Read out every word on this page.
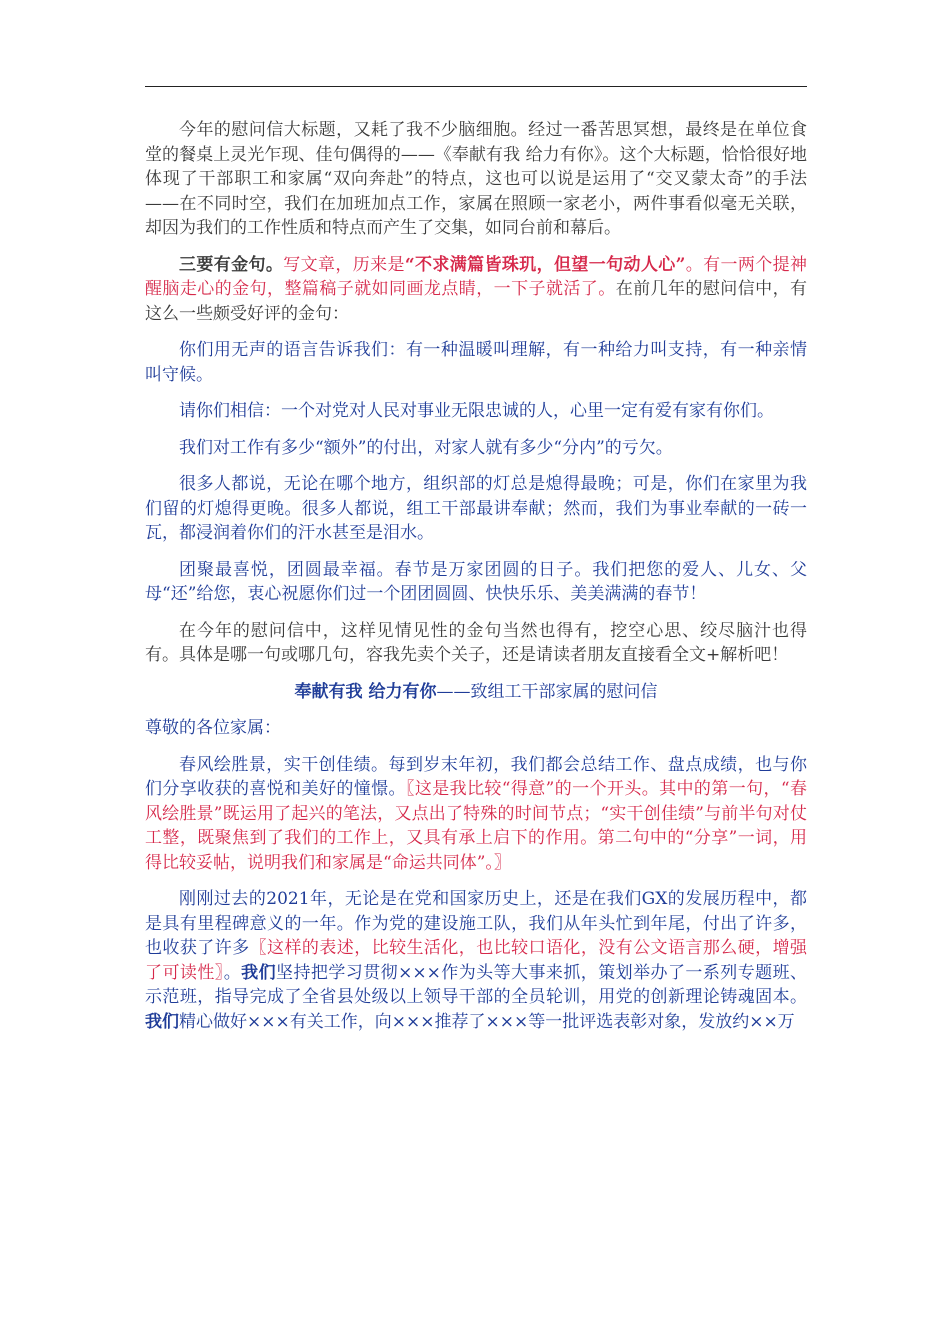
今年的慰问信大标题，又耗了我不少脑细胞。经过一番苦思冥想，最终是在单位食堂的餐桌上灵光乍现、佳句偶得的——《奉献有我 给力有你》。这个大标题，恰恰很好地体现了干部职工和家属“双向奔赴”的特点，这也可以说是运用了“交叉蒙太奇”的手法——在不同时空，我们在加班加点工作，家属在照顾一家老小，两件事看似毫无关联，却因为我们的工作性质和特点而产生了交集，如同台前和幕后。

三要有金句。写文章，历来是“不求满篇皆珠玑，但望一句动人心”。有一两个提神醒脑走心的金句，整篇稿子就如同画龙点睛，一下子就活了。在前几年的慰问信中，有这么一些颇受好评的金句：

你们用无声的语言告诉我们：有一种温暖叫理解，有一种给力叫支持，有一种亲情叫守候。

请你们相信：一个对党对人民对事业无限忠诚的人，心里一定有爱有家有你们。

我们对工作有多少“额外”的付出，对家人就有多少“分内”的亏欠。

很多人都说，无论在哪个地方，组织部的灯总是熄得最晚；可是，你们在家里为我们留的灯熄得更晚。很多人都说，组工干部最讲奉献；然而，我们为事业奉献的一砖一瓦，都浸润着你们的汗水甚至是泪水。

团聚最喜悦，团圆最幸福。春节是万家团圆的日子。我们把您的爱人、儿女、父母“还”给您，衷心祝愿你们过一个团团圆圆、快快乐乐、美美满满的春节！

在今年的慰问信中，这样见情见性的金句当然也得有，挖空心思、绞尽脑汁也得有。具体是哪一句或哪几句，容我先卖个关子，还是请读者朋友直接看全文+解析吧！

奉献有我 给力有你——致组工干部家属的慰问信

尊敬的各位家属：

春风绘胜景，实干创佳绩。每到岁末年初，我们都会总结工作、盘点成绩，也与你们分享收获的喜悦和美好的憧憬。〖这是我比较“得意”的一个开头。其中的第一句，“春风绘胜景”既运用了起兴的笔法，又点出了特殊的时间节点；“实干创佳绩”与前半句对仗工整，既聚焦到了我们的工作上，又具有承上启下的作用。第二句中的“分享”一词，用得比较妥帖，说明我们和家属是“命运共同体”。〗

刚刚过去的2021年，无论是在党和国家历史上，还是在我们GX的发展历程中，都是具有里程碑意义的一年。作为党的建设施工队，我们从年头忙到年尾，付出了许多，也收获了许多〖这样的表述，比较生活化，也比较口语化，没有公文语言那么硬，增强了可读性〗。我们坚持把学习贯彻×××作为头等大事来抓，策划举办了一系列专题班、示范班，指导完成了全省县处级以上领导干部的全员轮训，用党的创新理论铸魂固本。我们精心做好×××有关工作，向×××推荐了×××等一批评选表彰对象，发放约××万
